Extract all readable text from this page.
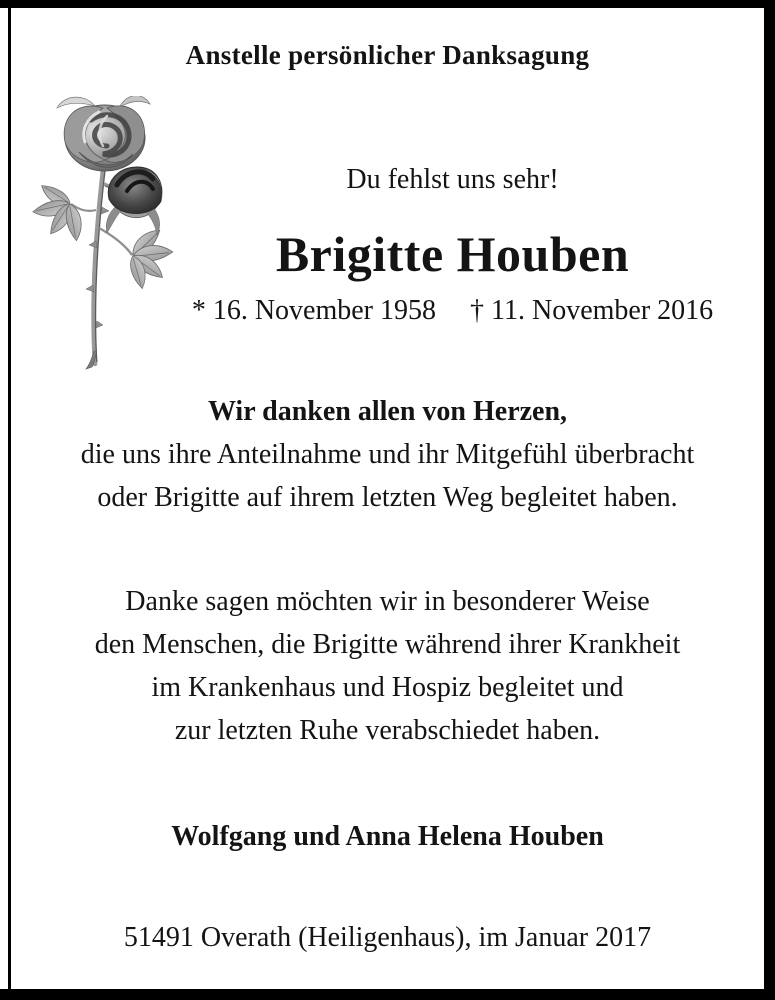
Anstelle persönlicher Danksagung
Du fehlst uns sehr!
Brigitte Houben
* 16. November 1958 † 11. November 2016
Wir danken allen von Herzen,
die uns ihre Anteilnahme und ihr Mitgefühl überbracht
oder Brigitte auf ihrem letzten Weg begleitet haben.
Danke sagen möchten wir in besonderer Weise
den Menschen, die Brigitte während ihrer Krankheit
im Krankenhaus und Hospiz begleitet und
zur letzten Ruhe verabschiedet haben.
Wolfgang und Anna Helena Houben
51491 Overath (Heiligenhaus), im Januar 2017
